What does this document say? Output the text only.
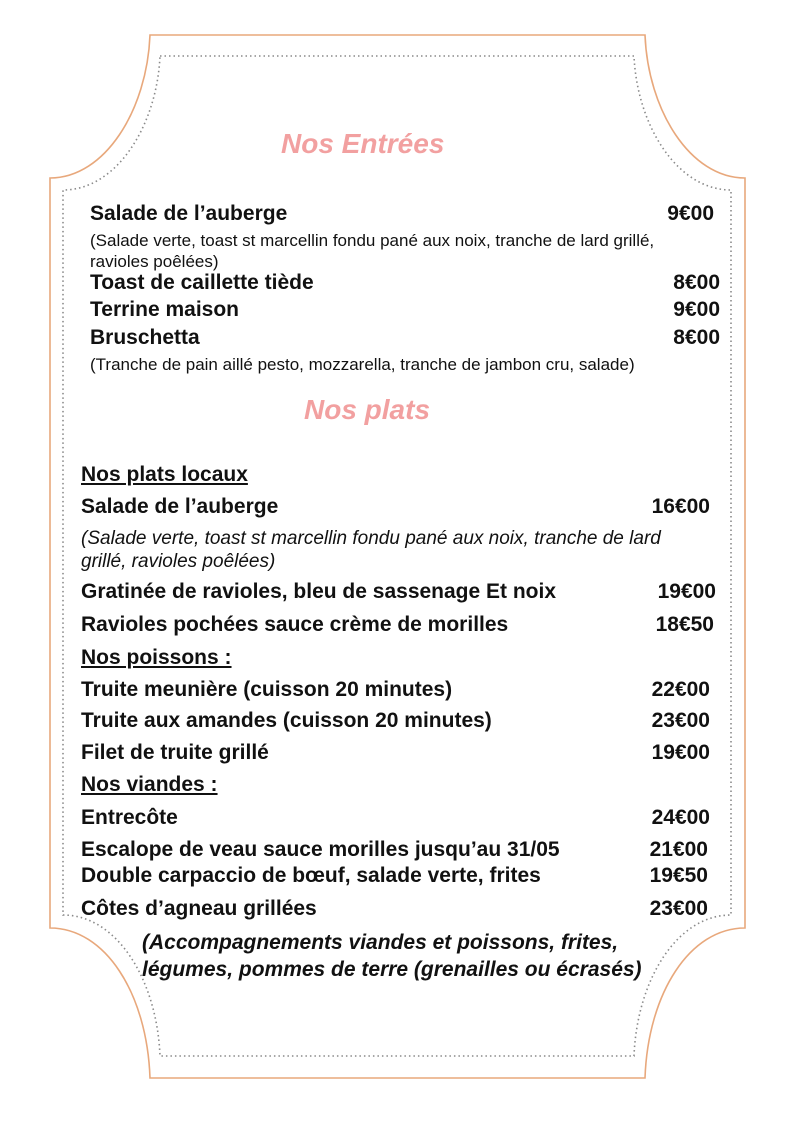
Nos Entrées

Salade de l’auberge	9€00

(Salade verte, toast st marcellin fondu pané aux noix, tranche de lard grillé, ravioles poêlées)

Toast de caillette tiède	8€00

Terrine maison	9€00

Bruschetta	8€00

(Tranche de pain aillé pesto, mozzarella, tranche de jambon cru, salade)

Nos plats

Nos plats locaux

Salade de l’auberge	16€00

(Salade verte, toast st marcellin fondu pané aux noix, tranche de lard grillé, ravioles poêlées)

Gratinée de ravioles, bleu de sassenage Et noix	19€00

Ravioles pochées sauce crème de morilles	18€50

Nos poissons :

Truite meunière (cuisson 20 minutes)	22€00

Truite aux amandes (cuisson 20 minutes)	23€00

Filet de truite grillé	19€00

Nos viandes :

Entrecôte	24€00

Escalope de veau sauce morilles jusqu’au 31/05	21€00

Double carpaccio de bœuf, salade verte, frites	19€50

Côtes d’agneau grillées	23€00

(Accompagnements viandes et poissons, frites, légumes, pommes de terre (grenailles ou écrasés)
